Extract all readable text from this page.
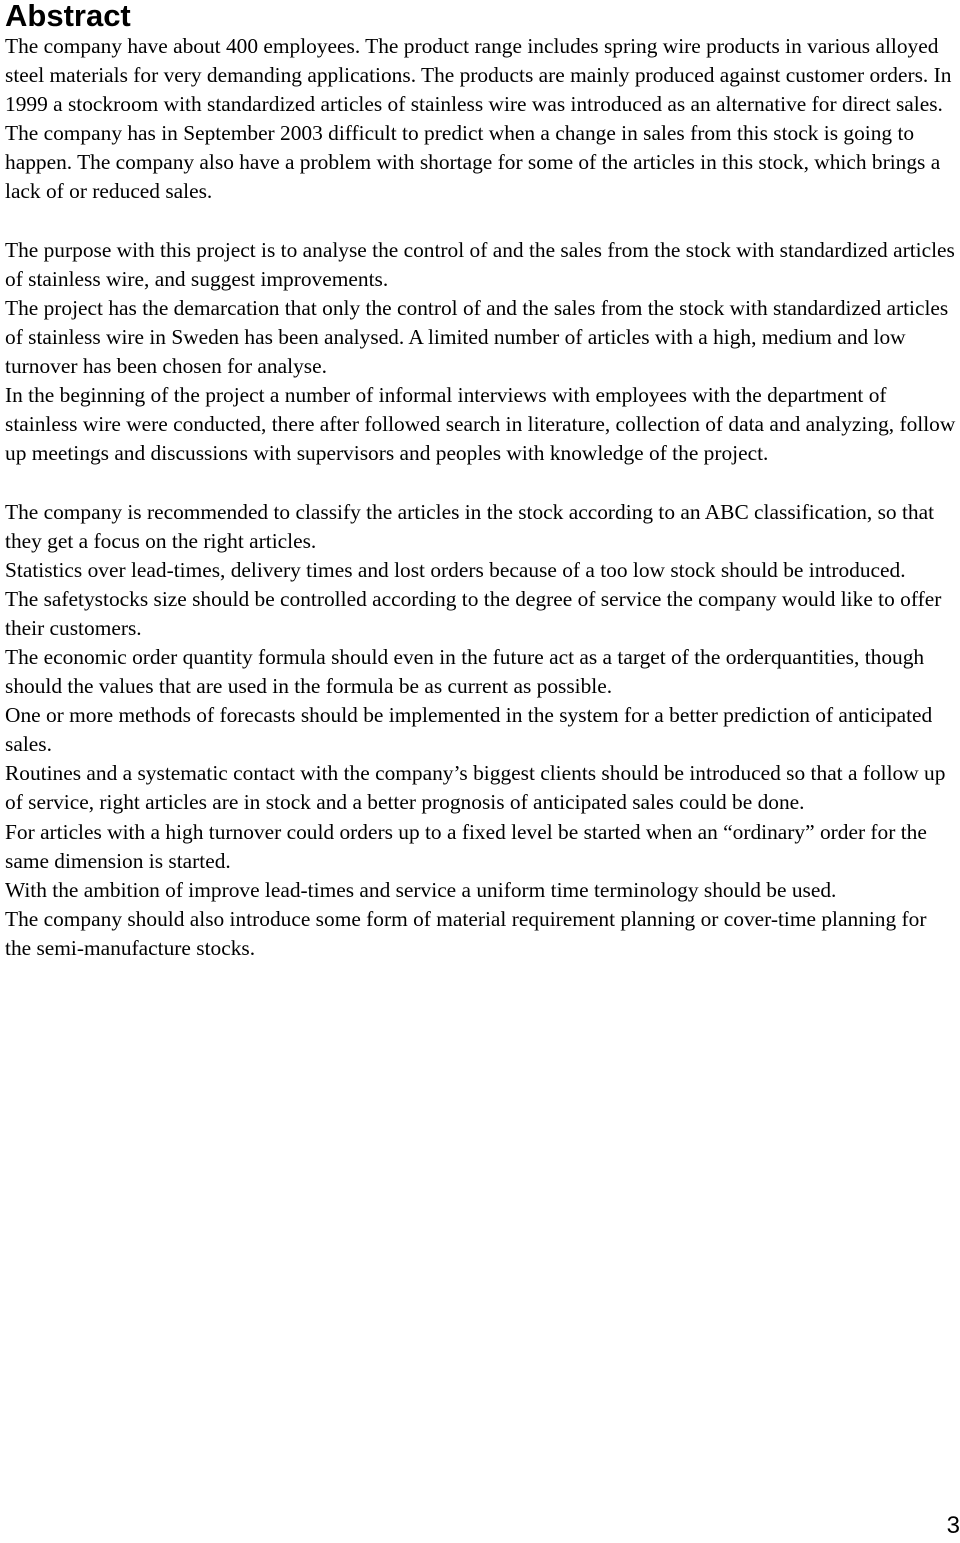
Abstract

The company have about 400 employees. The product range includes spring wire products in various alloyed steel materials for very demanding applications. The products are mainly produced against customer orders. In 1999 a stockroom with standardized articles of stainless wire was introduced as an alternative for direct sales. The company has in September 2003 difficult to predict when a change in sales from this stock is going to happen. The company also have a problem with shortage for some of the articles in this stock, which brings a lack of or reduced sales.

The purpose with this project is to analyse the control of and the sales from the stock with standardized articles of stainless wire, and suggest improvements.

The project has the demarcation that only the control of and the sales from the stock with standardized articles of stainless wire in Sweden has been analysed. A limited number of articles with a high, medium and low turnover has been chosen for analyse.

In the beginning of the project a number of informal interviews with employees with the department of stainless wire were conducted, there after followed search in literature, collection of data and analyzing, follow up meetings and discussions with supervisors and peoples with knowledge of the project.

The company is recommended to classify the articles in the stock according to an ABC classification, so that they get a focus on the right articles.

Statistics over lead-times, delivery times and lost orders because of a too low stock should be introduced.

The safetystocks size should be controlled according to the degree of service the company would like to offer their customers.

The economic order quantity formula should even in the future act as a target of the orderquantities, though should the values that are used in the formula be as current as possible.

One or more methods of forecasts should be implemented in the system for a better prediction of anticipated sales.

Routines and a systematic contact with the company’s biggest clients should be introduced so that a follow up of service, right articles are in stock and a better prognosis of anticipated sales could be done.

For articles with a high turnover could orders up to a fixed level be started when an “ordinary” order for the same dimension is started.

With the ambition of improve lead-times and service a uniform time terminology should be used.

The company should also introduce some form of material requirement planning or cover-time planning for the semi-manufacture stocks.

3
